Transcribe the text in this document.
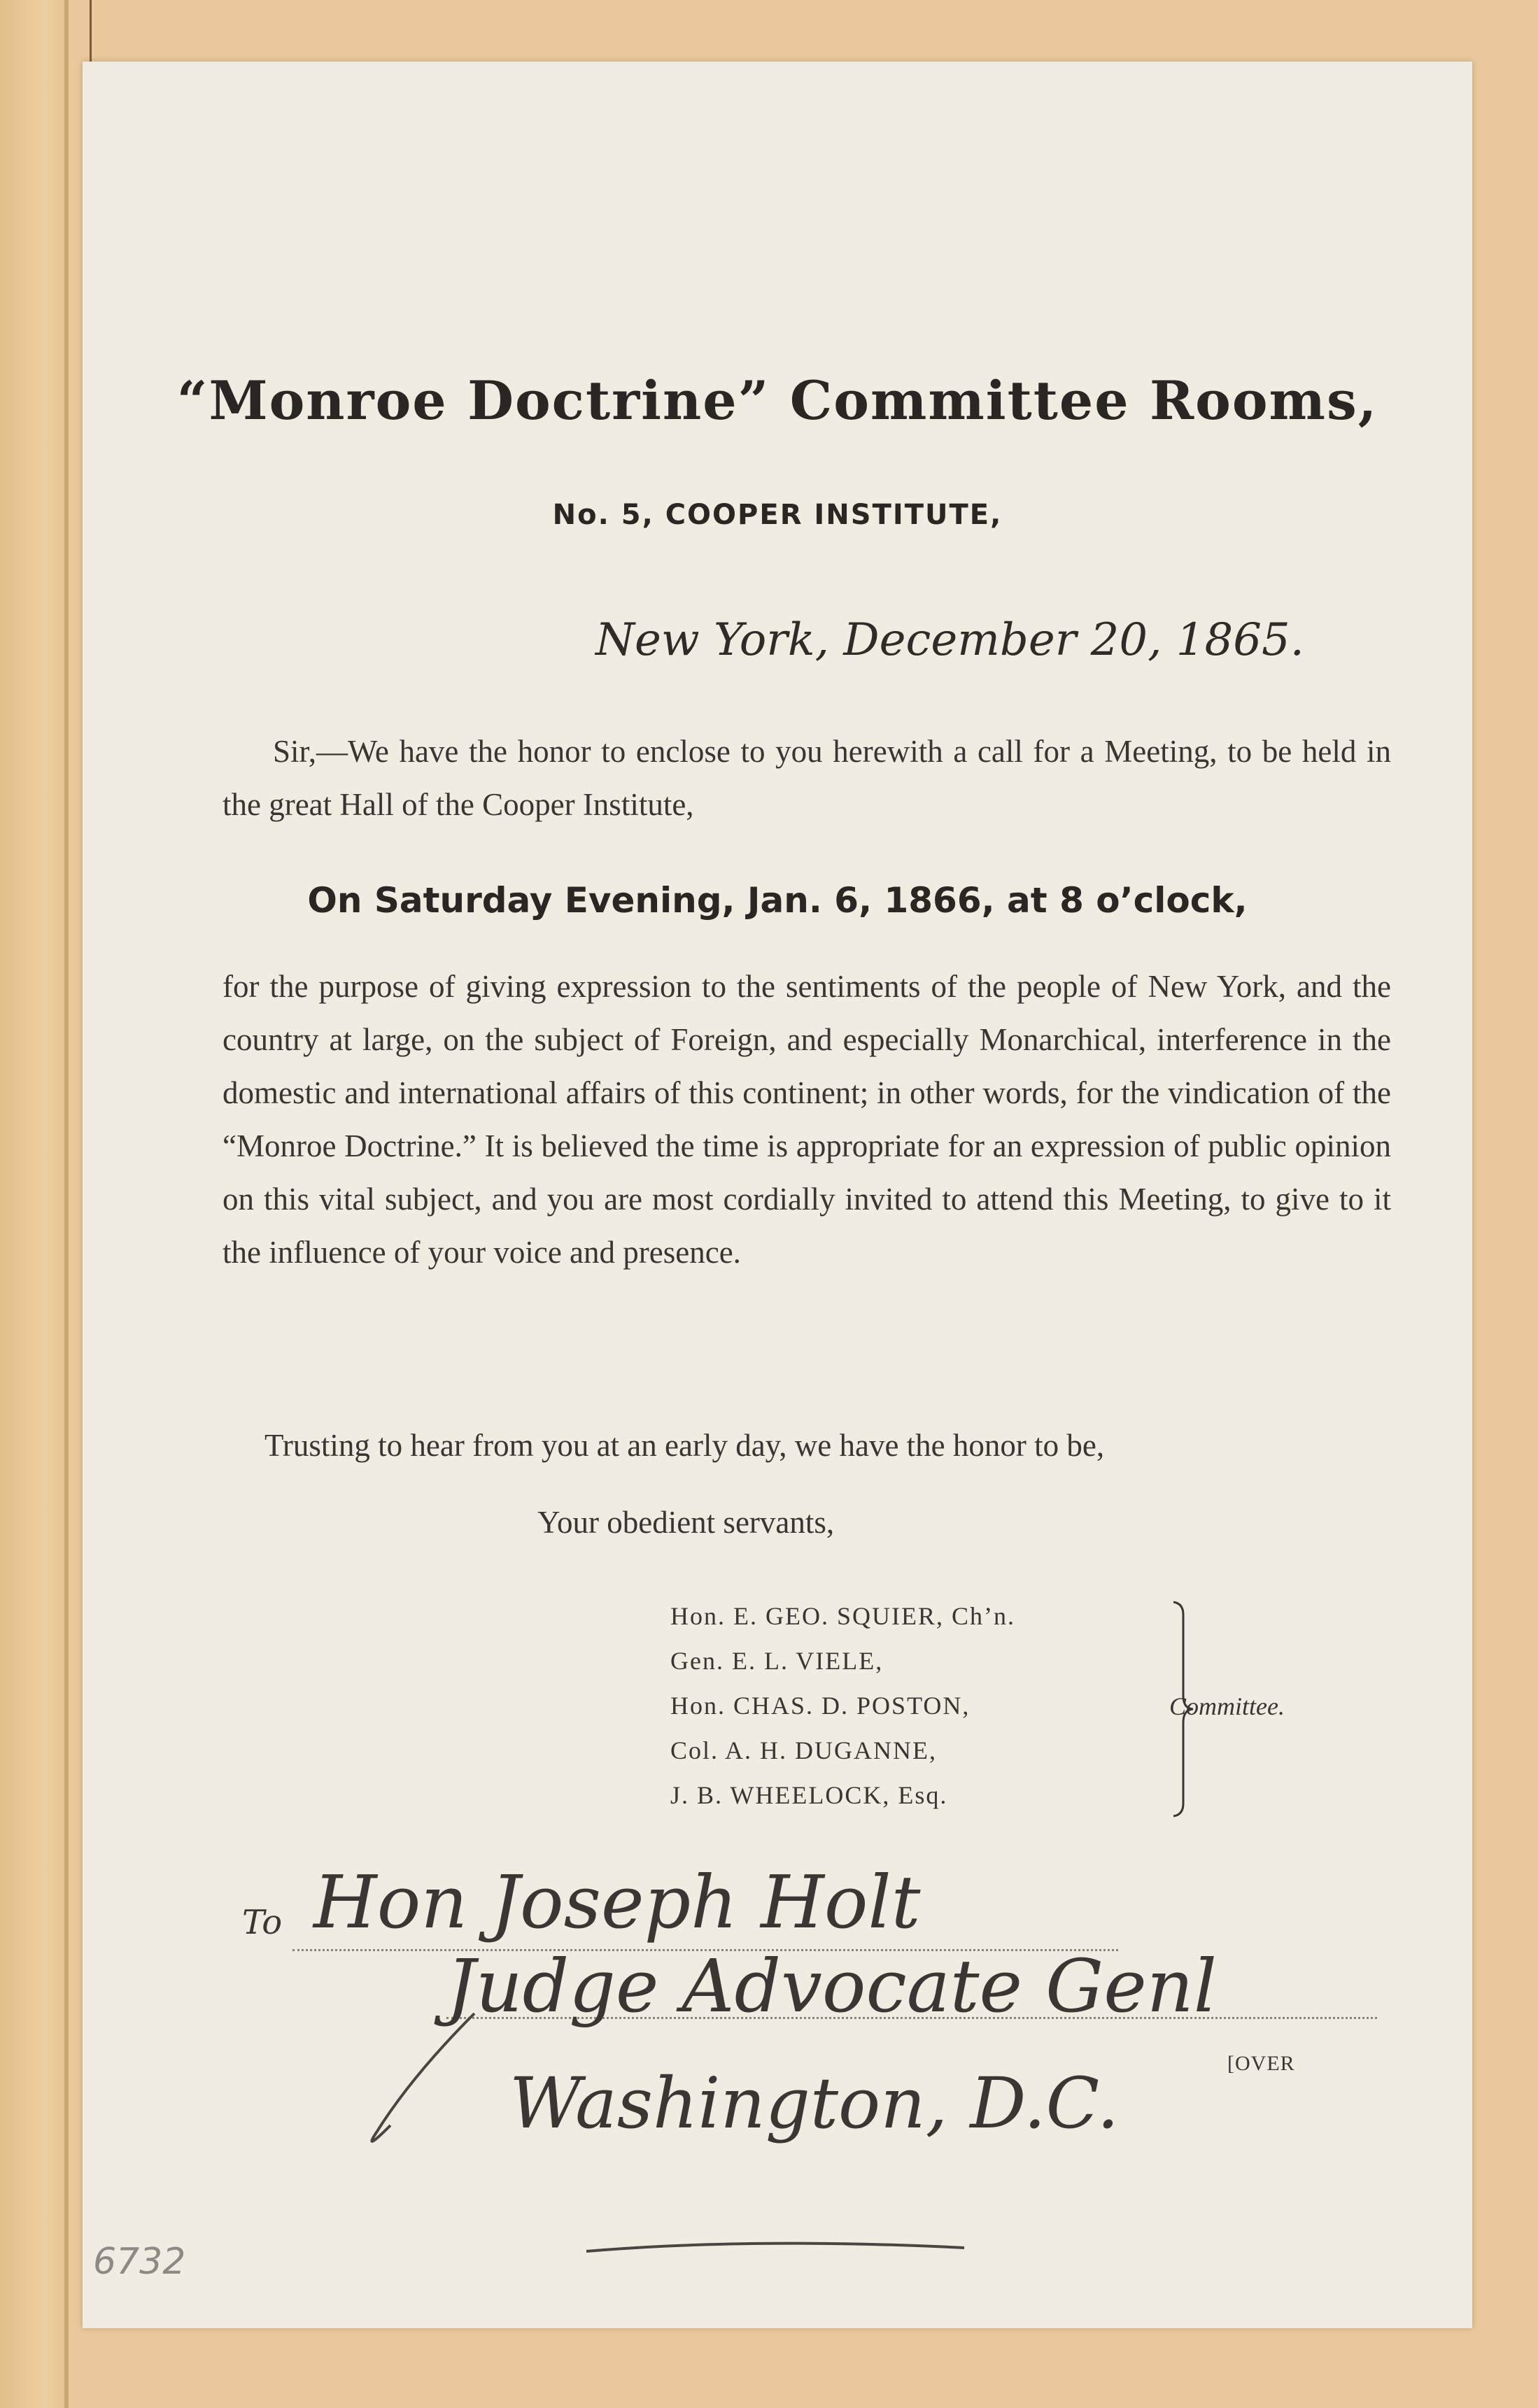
“Monroe Doctrine” Committee Rooms,
No. 5, COOPER INSTITUTE,
New York, December 20, 1865.
Sir,—We have the honor to enclose to you herewith a call for a Meeting, to be held in the great Hall of the Cooper Institute,
On Saturday Evening, Jan. 6, 1866, at 8 o’clock,
for the purpose of giving expression to the sentiments of the people of New York, and the country at large, on the subject of Foreign, and especially Monarchical, interference in the domestic and international affairs of this continent; in other words, for the vindication of the “Monroe Doctrine.” It is believed the time is appropriate for an expression of public opinion on this vital subject, and you are most cordially invited to attend this Meeting, to give to it the influence of your voice and presence.
Trusting to hear from you at an early day, we have the honor to be,
Your obedient servants,
Hon. E. GEO. SQUIER, Ch’n.
Gen. E. L. VIELE,
Hon. CHAS. D. POSTON,
Col. A. H. DUGANNE,
J. B. WHEELOCK, Esq.
Committee.
To Hon Joseph Holt
Judge Advocate Genl
Washington, D.C.	[OVER
6732
